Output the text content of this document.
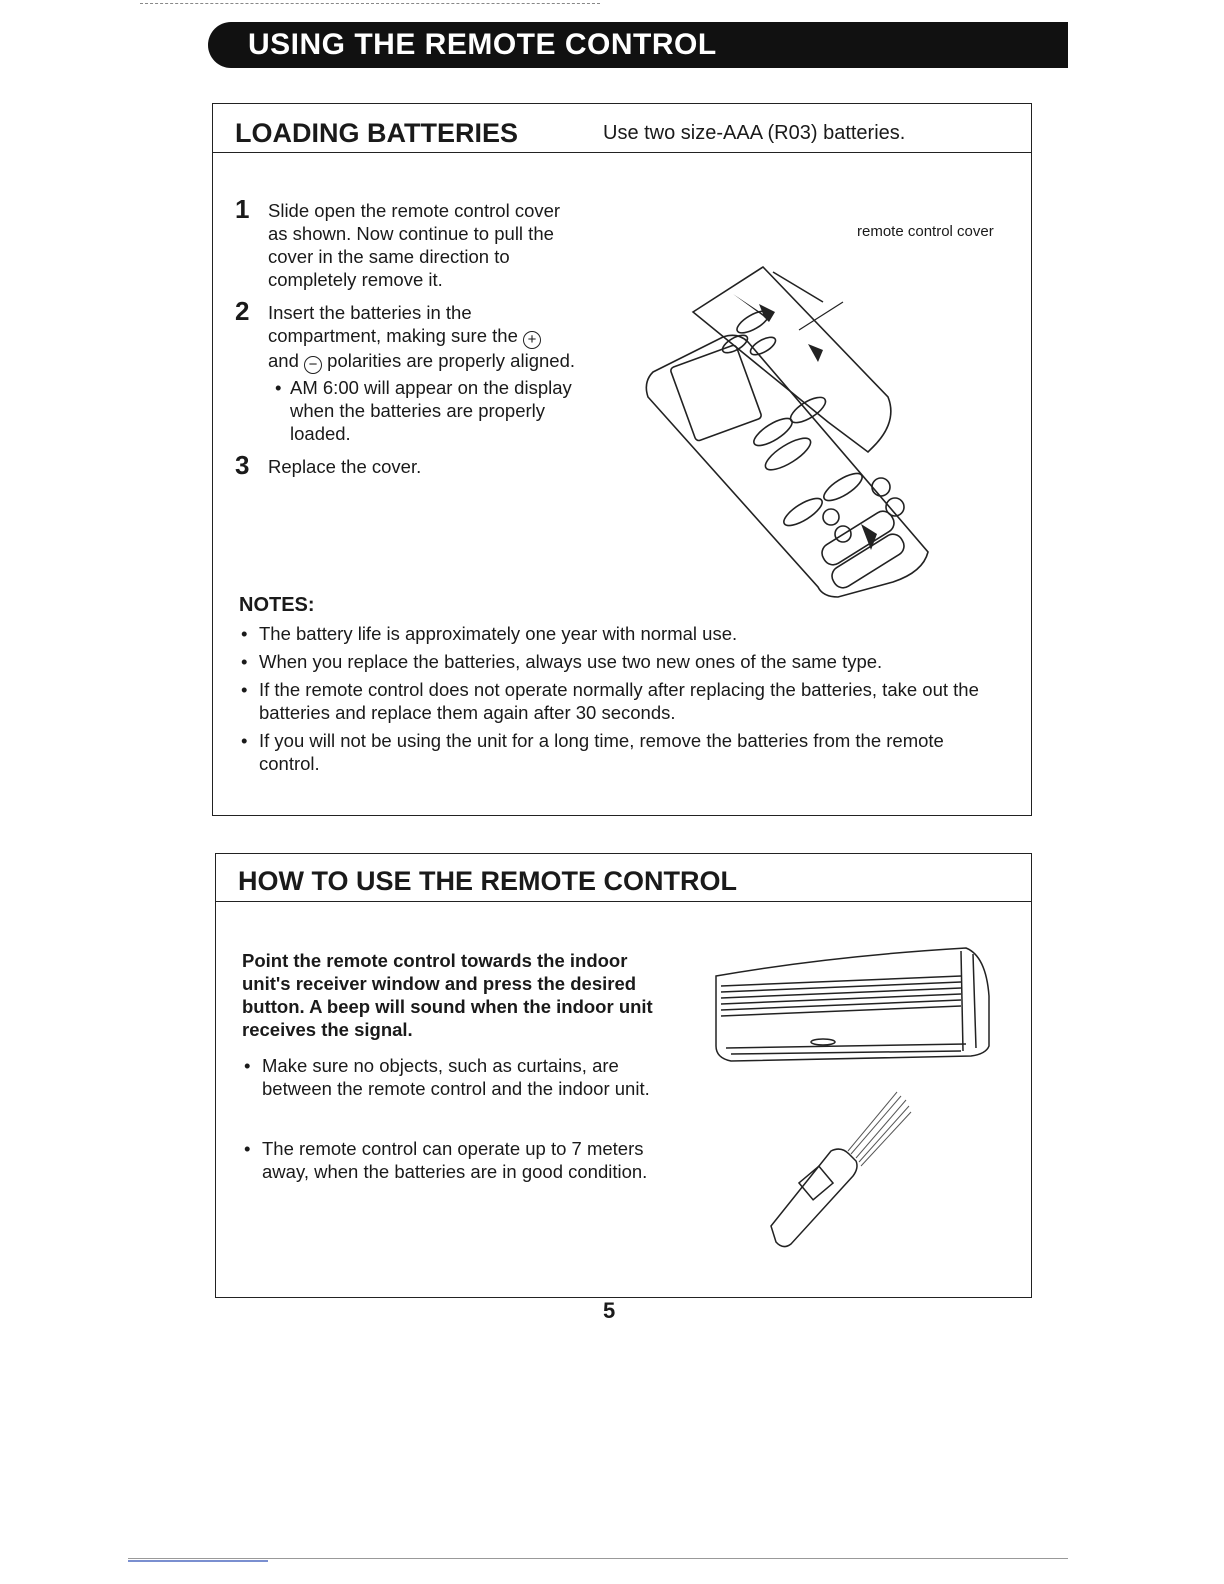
USING THE REMOTE CONTROL
LOADING BATTERIES	Use two size-AAA (R03) batteries.
1 Slide open the remote control cover as shown. Now continue to pull the cover in the same direction to completely remove it.
2 Insert the batteries in the compartment, making sure the + and − polarities are properly aligned.
• AM 6:00 will appear on the display when the batteries are properly loaded.
3 Replace the cover.
remote control cover
NOTES:
• The battery life is approximately one year with normal use.
• When you replace the batteries, always use two new ones of the same type.
• If the remote control does not operate normally after replacing the batteries, take out the batteries and replace them again after 30 seconds.
• If you will not be using the unit for a long time, remove the batteries from the remote control.
HOW TO USE THE REMOTE CONTROL
Point the remote control towards the indoor unit's receiver window and press the desired button. A beep will sound when the indoor unit receives the signal.
• Make sure no objects, such as curtains, are between the remote control and the indoor unit.
• The remote control can operate up to 7 meters away, when the batteries are in good condition.
5
